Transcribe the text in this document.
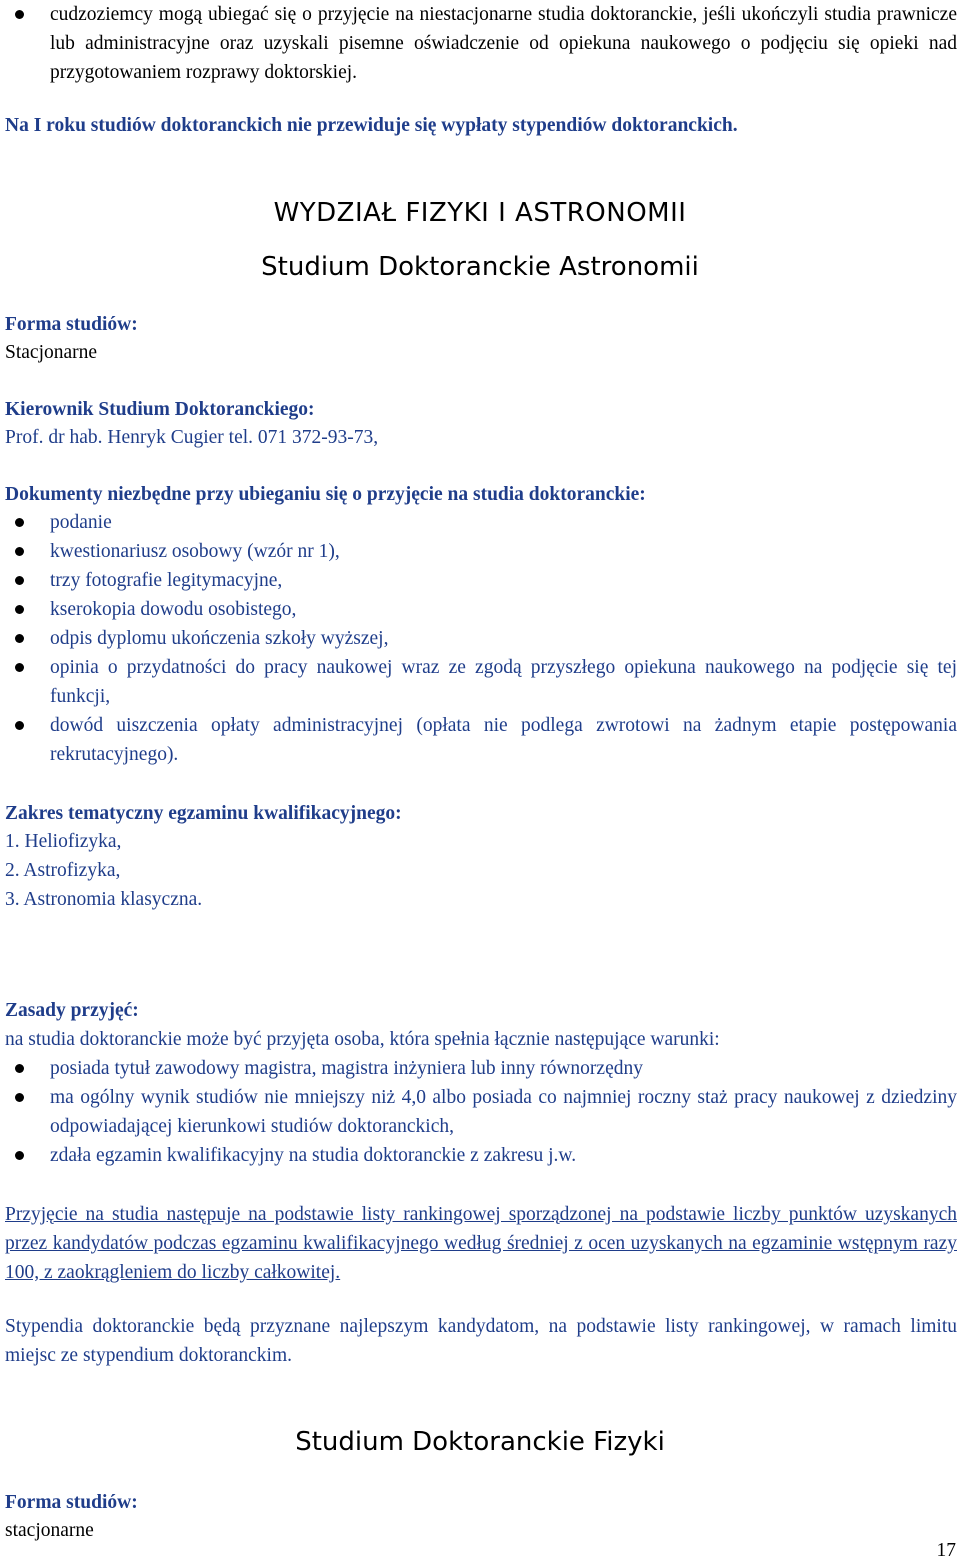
cudzoziemcy mogą ubiegać się o przyjęcie na niestacjonarne studia doktoranckie, jeśli ukończyli studia prawnicze lub administracyjne oraz uzyskali pisemne oświadczenie od opiekuna naukowego o podjęciu się opieki nad przygotowaniem rozprawy doktorskiej.
Na I roku studiów doktoranckich nie przewiduje się wypłaty stypendiów doktoranckich.
WYDZIAŁ FIZYKI I ASTRONOMII
Studium Doktoranckie Astronomii
Forma studiów:
Stacjonarne
Kierownik Studium Doktoranckiego:
Prof. dr hab. Henryk Cugier tel. 071 372-93-73,
Dokumenty niezbędne przy ubieganiu się o przyjęcie na studia doktoranckie:
podanie
kwestionariusz osobowy (wzór nr 1),
trzy fotografie legitymacyjne,
kserokopia dowodu osobistego,
odpis dyplomu ukończenia szkoły wyższej,
opinia o przydatności do pracy naukowej wraz ze zgodą przyszłego opiekuna naukowego na podjęcie się tej funkcji,
dowód uiszczenia opłaty administracyjnej (opłata nie podlega zwrotowi na żadnym etapie postępowania rekrutacyjnego).
Zakres tematyczny egzaminu kwalifikacyjnego:
1. Heliofizyka,
2. Astrofizyka,
3. Astronomia klasyczna.
Zasady przyjęć:
na studia doktoranckie może być przyjęta osoba, która spełnia łącznie następujące warunki:
posiada tytuł zawodowy magistra, magistra inżyniera lub inny równorzędny
ma ogólny wynik studiów nie mniejszy niż 4,0 albo posiada co najmniej roczny staż pracy naukowej z dziedziny odpowiadającej kierunkowi studiów doktoranckich,
zdała egzamin kwalifikacyjny na studia doktoranckie z zakresu j.w.
Przyjęcie na studia następuje na podstawie listy rankingowej sporządzonej na podstawie liczby punktów uzyskanych przez kandydatów podczas egzaminu kwalifikacyjnego według średniej z ocen uzyskanych na egzaminie wstępnym razy 100, z zaokrągleniem do liczby całkowitej.
Stypendia doktoranckie będą przyznane najlepszym kandydatom, na podstawie listy rankingowej, w ramach limitu miejsc ze stypendium doktoranckim.
Studium Doktoranckie Fizyki
Forma studiów:
stacjonarne
17
